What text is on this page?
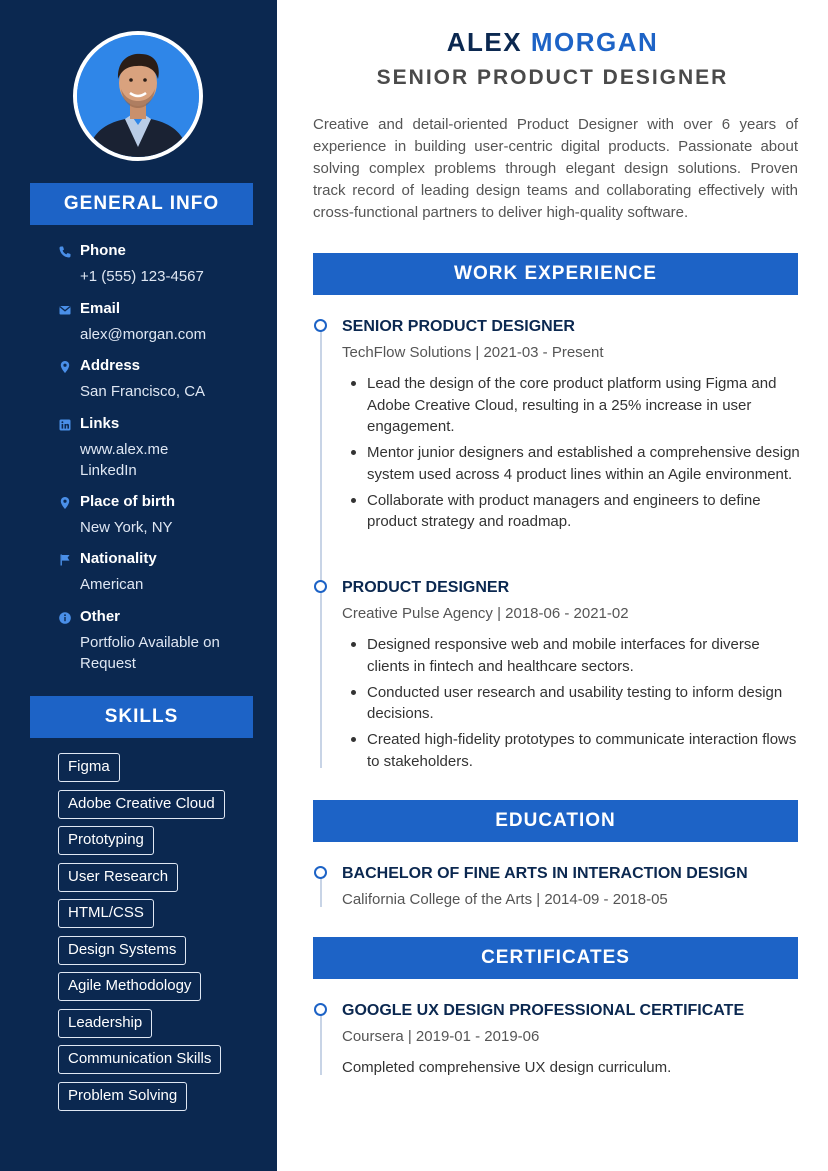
GENERAL INFO
Phone
+1 (555) 123-4567
Email
alex@morgan.com
Address
San Francisco, CA
Links
www.alex.me
LinkedIn
Place of birth
New York, NY
Nationality
American
Other
Portfolio Available on Request
SKILLS
Figma
Adobe Creative Cloud
Prototyping
User Research
HTML/CSS
Design Systems
Agile Methodology
Leadership
Communication Skills
Problem Solving
ALEX MORGAN
SENIOR PRODUCT DESIGNER

Creative and detail-oriented Product Designer with over 6 years of experience in building user-centric digital products. Passionate about solving complex problems through elegant design solutions. Proven track record of leading design teams and collaborating effectively with cross-functional partners to deliver high-quality software.

WORK EXPERIENCE
SENIOR PRODUCT DESIGNER
TechFlow Solutions | 2021-03 - Present
Lead the design of the core product platform using Figma and Adobe Creative Cloud, resulting in a 25% increase in user engagement.
Mentor junior designers and established a comprehensive design system used across 4 product lines within an Agile environment.
Collaborate with product managers and engineers to define product strategy and roadmap.
PRODUCT DESIGNER
Creative Pulse Agency | 2018-06 - 2021-02
Designed responsive web and mobile interfaces for diverse clients in fintech and healthcare sectors.
Conducted user research and usability testing to inform design decisions.
Created high-fidelity prototypes to communicate interaction flows to stakeholders.
EDUCATION
BACHELOR OF FINE ARTS IN INTERACTION DESIGN
California College of the Arts | 2014-09 - 2018-05
CERTIFICATES
GOOGLE UX DESIGN PROFESSIONAL CERTIFICATE
Coursera | 2019-01 - 2019-06
Completed comprehensive UX design curriculum.
